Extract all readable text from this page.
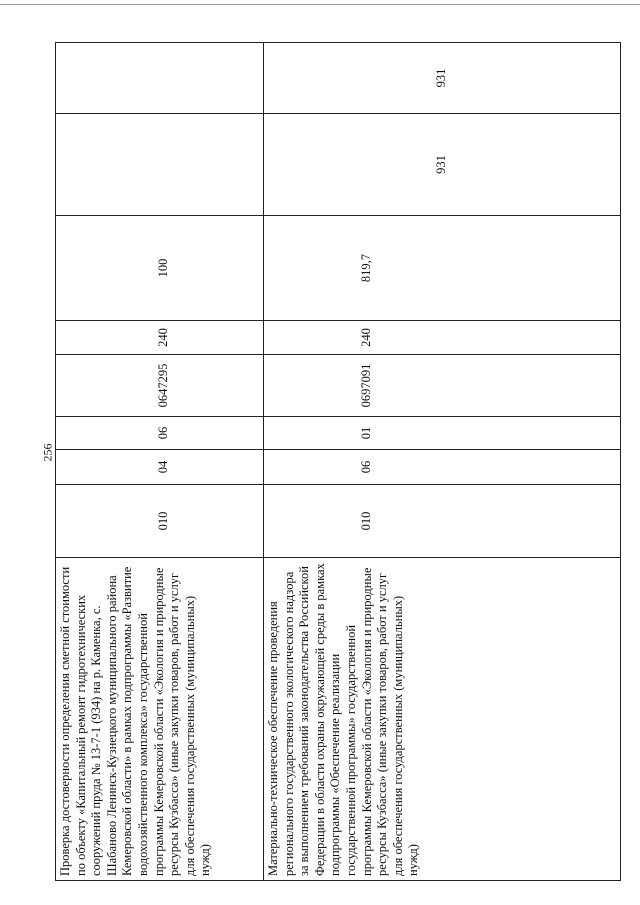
256
Проверка достоверности определения сметной стоимости по объекту «Капитальный ремонт гидротехнических сооружений пруда № 13-7-1 (934) на р. Каменка, с. Шабаново Ленинск-Кузнецкого муниципального района Кемеровской области» в рамках подпрограммы «Развитие водохозяйственного комплекса» государственной программы Кемеровской области «Экология и природные ресурсы Кузбасса» (иные закупки товаров, работ и услуг для обеспечения государственных (муниципальных) нужд)
010
04
06
0647295
240
100
Материально-техническое обеспечение проведения регионального государственного экологического надзора за выполнением требований законодательства Российской Федерации в области охраны окружающей среды в рамках подпрограммы «Обеспечение реализации государственной программы» государственной программы Кемеровской области «Экология и природные ресурсы Кузбасса» (иные закупки товаров, работ и услуг для обеспечения государственных (муниципальных) нужд)
010
06
01
0697091
240
819,7
931
931
